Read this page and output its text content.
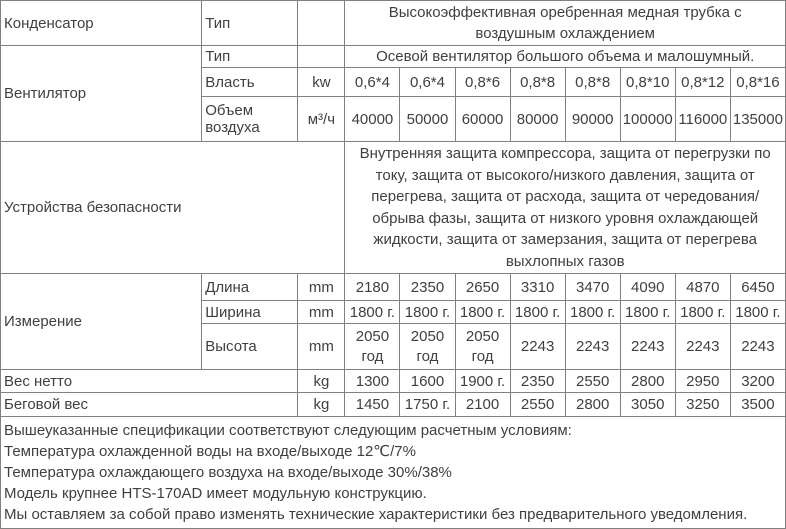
Конденсатор	Тип		Высокоэффективная оребренная медная трубка с воздушным охлаждением							

Вентилятор	Тип		Осевой вентилятор большого объема и малошумный.							
	Власть	kw	0,6*4	0,6*4	0,8*6	0,8*8	0,8*8	0,8*10	0,8*12	0,8*16
	Объем воздуха	м³/ч	40000	50000	60000	80000	90000	100000	116000	135000
Устройства безопасности			Внутренняя защита компрессора, защита от перегрузки по току, защита от высокого/низкого давления, защита от перегрева, защита от расхода, защита от чередования/ обрыва фазы, защита от низкого уровня охлаждающей жидкости, защита от замерзания, защита от перегрева выхлопных газов							

Измерение	Длина	mm	2180	2350	2650	3310	3470	4090	4870	6450
	Ширина	mm	1800 г.	1800 г.	1800 г.	1800 г.	1800 г.	1800 г.	1800 г.	1800 г.
	Высота	mm	2050 год	2050 год	2050 год	2243	2243	2243	2243	2243
Вес нетто		kg	1300	1600	1900 г.	2350	2550	2800	2950	3200
Беговой вес		kg	1450	1750 г.	2100	2550	2800	3050	3250	3500

Вышеуказанные спецификации соответствуют следующим расчетным условиям:
Температура охлажденной воды на входе/выходе 12℃/7%
Температура охлаждающего воздуха на входе/выходе 30%/38%
Модель крупнее HTS-170AD имеет модульную конструкцию.
Мы оставляем за собой право изменять технические характеристики без предварительного уведомления.										
